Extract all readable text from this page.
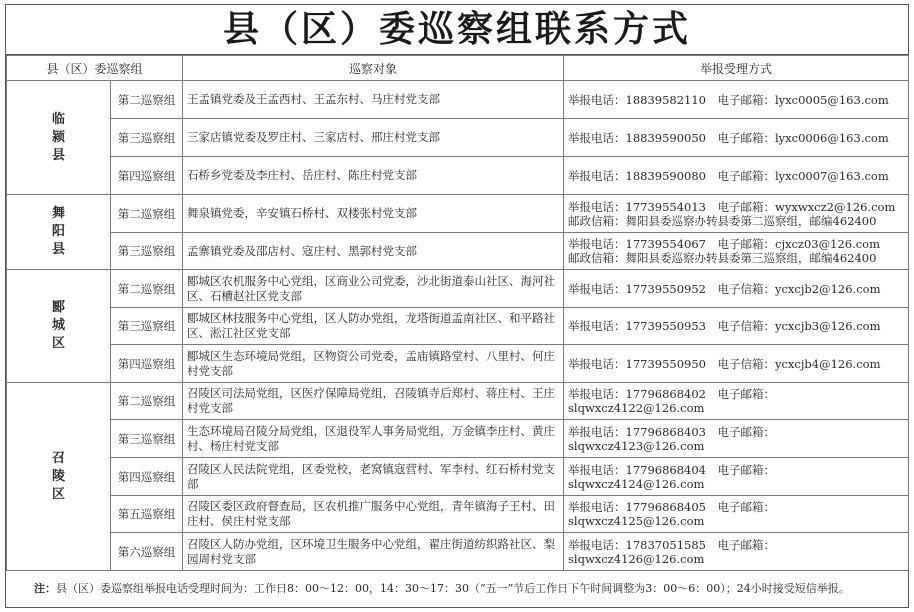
县（区）委巡察组联系方式
县（区）委巡察组		巡察对象	举报受理方式

临颍县	第二巡察组	王孟镇党委及王孟西村、王孟东村、马庄村党支部	举报电话：18839582110　电子邮箱：lyxc0005@163.com

	第三巡察组	三家店镇党委及罗庄村、三家店村、邢庄村党支部	举报电话：18839590050　电子邮箱：lyxc0006@163.com

	第四巡察组	石桥乡党委及李庄村、岳庄村、陈庄村党支部	举报电话：18839590080　电子邮箱：lyxc0007@163.com

舞阳县	第二巡察组	舞泉镇党委，辛安镇石桥村、双楼张村党支部	举报电话：17739554013　电子邮箱：wyxwxcz2@126.com
邮政信箱：舞阳县委巡察办转县委第二巡察组，邮编462400

	第三巡察组	孟寨镇党委及邵店村、寇庄村、黑郭村党支部	举报电话：17739554067　电子邮箱：cjxcz03@126.com
邮政信箱：舞阳县委巡察办转县委第三巡察组，邮编462400

郾城区	第二巡察组	郾城区农机服务中心党组，区商业公司党委，沙北街道泰山社区、海河社区、石槽赵社区党支部	举报电话：17739550952　电子信箱：ycxcjb2@126.com

	第三巡察组	郾城区林技服务中心党组，区人防办党组，龙塔街道孟南社区、和平路社区、淞江社区党支部	举报电话：17739550953　电子信箱：ycxcjb3@126.com

	第四巡察组	郾城区生态环境局党组，区物资公司党委，孟庙镇路堂村、八里村、何庄村党支部	举报电话：17739550950　电子信箱：ycxcjb4@126.com

召陵区	第二巡察组	召陵区司法局党组，区医疗保障局党组，召陵镇寺后郑村、蒋庄村、王庄村党支部	举报电话：17796868402　电子邮箱：slqwxcz4122@126.com

	第三巡察组	生态环境局召陵分局党组，区退役军人事务局党组，万金镇李庄村、黄庄村、杨庄村党支部	举报电话：17796868403　电子邮箱：slqwxcz4123@126.com

	第四巡察组	召陵区人民法院党组，区委党校，老窝镇寇营村、军李村、红石桥村党支部	举报电话：17796868404　电子邮箱：slqwxcz4124@126.com

	第五巡察组	召陵区委区政府督查局，区农机推广服务中心党组，青年镇海子王村、田庄村、侯庄村党支部	举报电话：17796868405　电子邮箱：slqwxcz4125@126.com

	第六巡察组	召陵区人防办党组，区环境卫生服务中心党组，翟庄街道纺织路社区、梨园周村党支部	举报电话：17837051585　电子邮箱：slqwxcz4126@126.com
注：县（区）委巡察组举报电话受理时间为：工作日8：00～12：00，14：30～17：30（“五一”节后工作日下午时间调整为3：00～6：00）；24小时接受短信举报。
